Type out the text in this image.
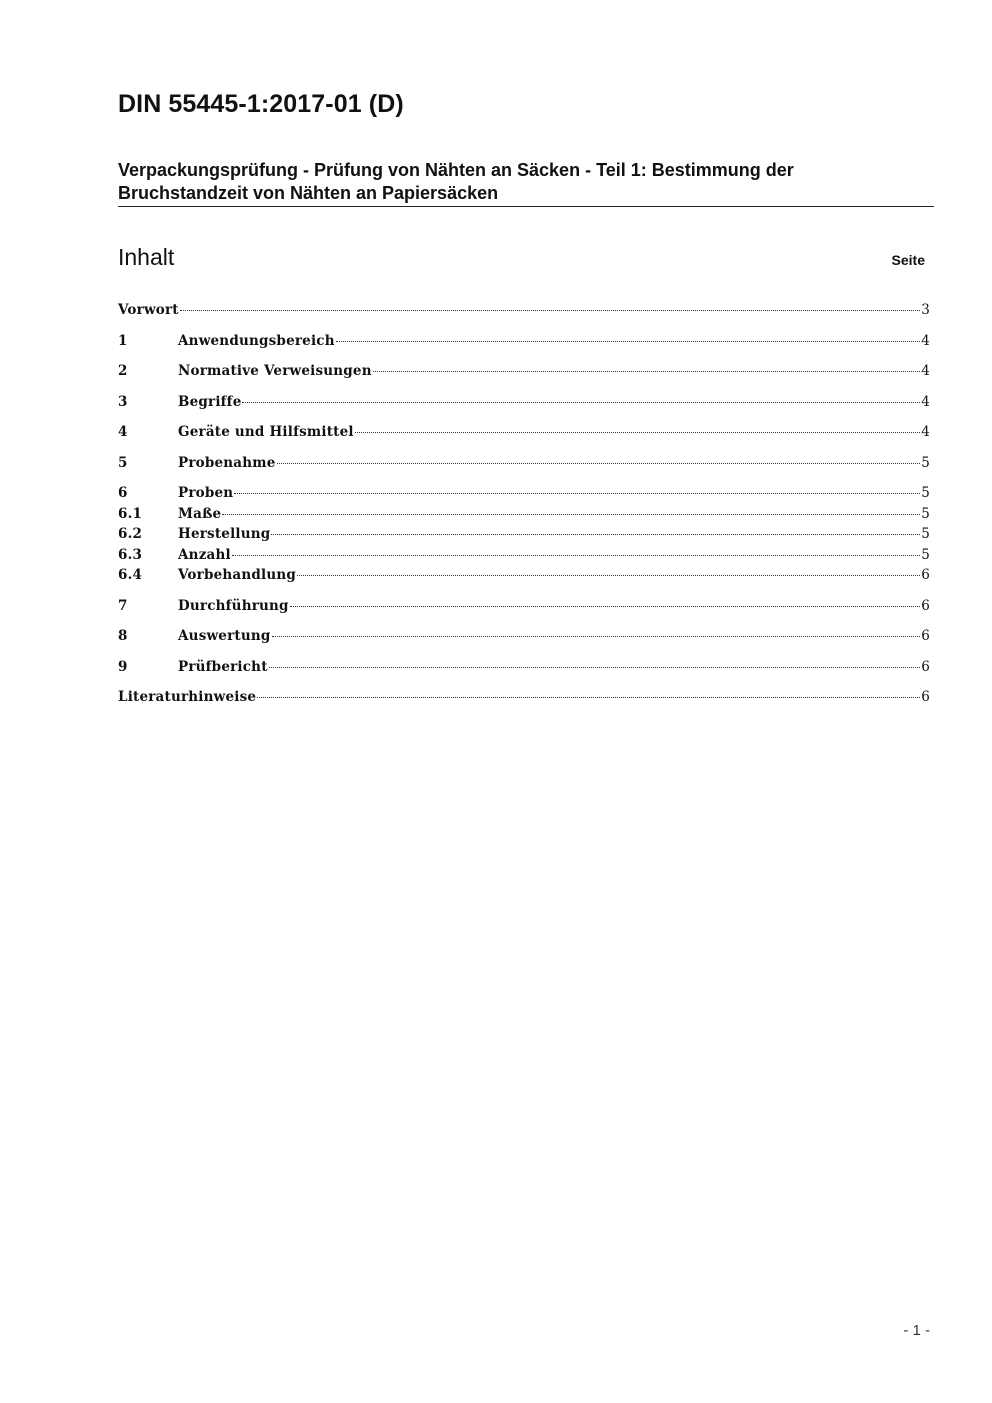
DIN 55445-1:2017-01 (D)
Verpackungsprüfung - Prüfung von Nähten an Säcken - Teil 1: Bestimmung der
Bruchstandzeit von Nähten an Papiersäcken
Inhalt	Seite
Vorwort	3
1	Anwendungsbereich	4
2	Normative Verweisungen	4
3	Begriffe	4
4	Geräte und Hilfsmittel	4
5	Probenahme	5
6	Proben	5
6.1	Maße	5
6.2	Herstellung	5
6.3	Anzahl	5
6.4	Vorbehandlung	6
7	Durchführung	6
8	Auswertung	6
9	Prüfbericht	6
Literaturhinweise	6
- 1 -
